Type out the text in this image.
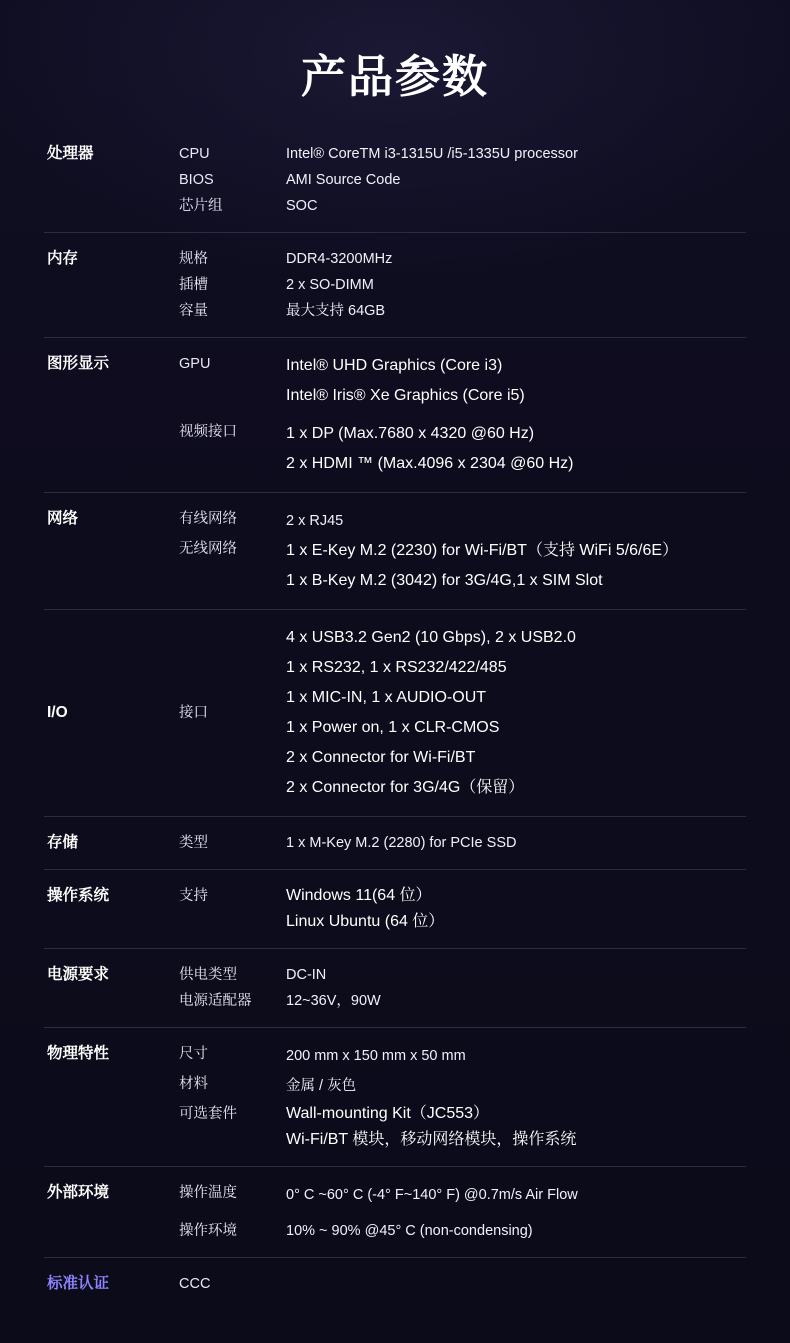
产品参数
处理器	CPU	Intel® CoreTM i3-1315U /i5-1335U processor
BIOS	AMI Source Code
芯片组	SOC
内存	规格	DDR4-3200MHz
插槽	2 x SO-DIMM
容量	最大支持 64GB
图形显示	GPU	Intel® UHD Graphics (Core i3)
Intel® Iris® Xe Graphics (Core i5)
视频接口	1 x DP (Max.7680 x 4320 @60 Hz)
2 x HDMI ™ (Max.4096 x 2304 @60 Hz)
网络	有线网络	2 x RJ45
无线网络	1 x E-Key M.2 (2230) for Wi-Fi/BT（支持 WiFi 5/6/6E）
1 x B-Key M.2 (3042) for 3G/4G,1 x SIM Slot
I/O	接口
4 x USB3.2 Gen2 (10 Gbps), 2 x USB2.0
1 x RS232, 1 x RS232/422/485
1 x MIC-IN, 1 x AUDIO-OUT
1 x Power on, 1 x CLR-CMOS
2 x Connector for Wi-Fi/BT
2 x Connector for 3G/4G（保留）
存储	类型	1 x M-Key M.2 (2280) for PCIe SSD
操作系统	支持	Windows 11(64 位）
Linux Ubuntu (64 位）
电源要求	供电类型	DC-IN
电源适配器	12~36V，90W
物理特性	尺寸	200 mm x 150 mm x 50 mm
材料	金属 / 灰色
可选套件	Wall-mounting Kit（JC553）
Wi-Fi/BT 模块，移动网络模块，操作系统
外部环境	操作温度	0° C ~60° C (-4° F~140° F) @0.7m/s Air Flow
操作环境	10% ~ 90% @45° C (non-condensing)
标准认证	CCC
